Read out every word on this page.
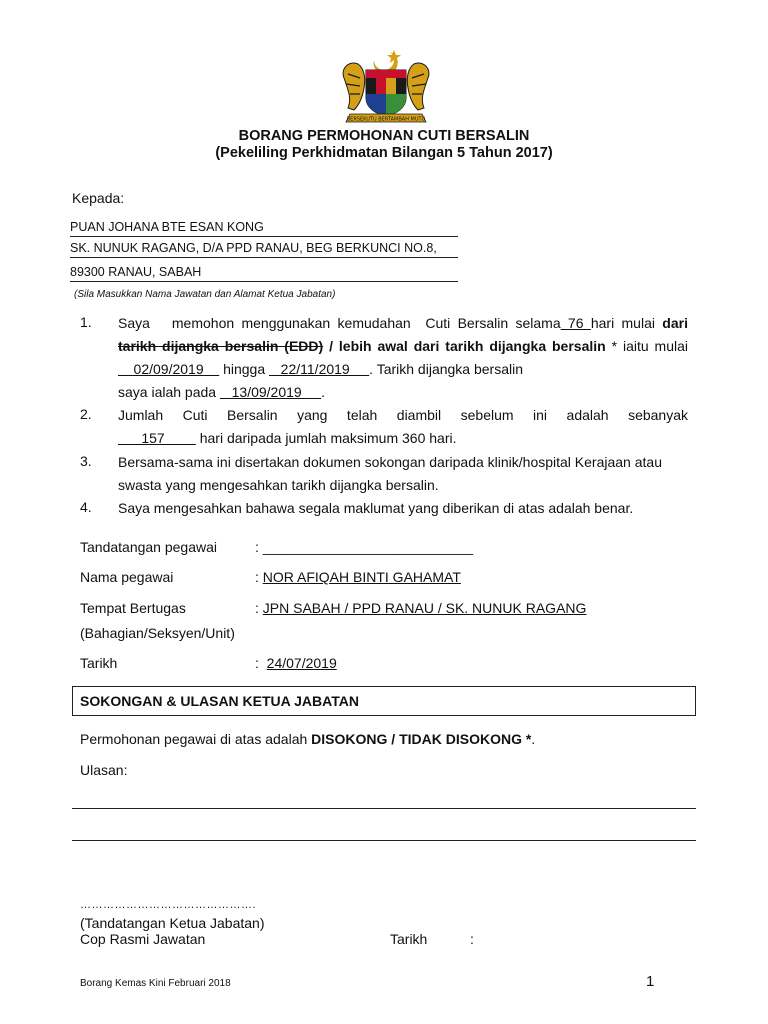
BERSEKUTU BERTAMBAH MUTU
BORANG PERMOHONAN CUTI BERSALIN
(Pekeliling Perkhidmatan Bilangan 5 Tahun 2017)
Kepada:
PUAN JOHANA BTE ESAN KONG
SK. NUNUK RAGANG, D/A PPD RANAU, BEG BERKUNCI NO.8,
89300 RANAU, SABAH
(Sila Masukkan Nama Jawatan dan Alamat Ketua Jabatan)
1. Saya   memohon menggunakan kemudahan  Cuti Bersalin selama 76 hari mulai dari
tarikh dijangka bersalin (EDD) / lebih awal dari tarikh dijangka bersalin * iaitu mulai
02/09/2019     hingga    22/11/2019     . Tarikh dijangka bersalin
saya ialah pada    13/09/2019     .
2. Jumlah   Cuti   Bersalin   yang   telah   diambil   sebelum   ini   adalah   sebanyak
157         hari daripada jumlah maksimum 360 hari.
3. Bersama-sama ini disertakan dokumen sokongan daripada klinik/hospital Kerajaan atau
swasta yang mengesahkan tarikh dijangka bersalin.
4. Saya mengesahkan bahawa segala maklumat yang diberikan di atas adalah benar.
Tandatangan pegawai	: ___________________________
Nama pegawai	: NOR AFIQAH BINTI GAHAMAT
Tempat Bertugas
(Bahagian/Seksyen/Unit)
: JPN SABAH / PPD RANAU / SK. NUNUK RAGANG
Tarikh	: 24/07/2019
SOKONGAN & ULASAN KETUA JABATAN
Permohonan pegawai di atas adalah DISOKONG / TIDAK DISOKONG *.
Ulasan:
……………………………………….
(Tandatangan Ketua Jabatan)
Cop Rasmi Jawatan	Tarikh	:
Borang Kemas Kini Februari 2018	1
